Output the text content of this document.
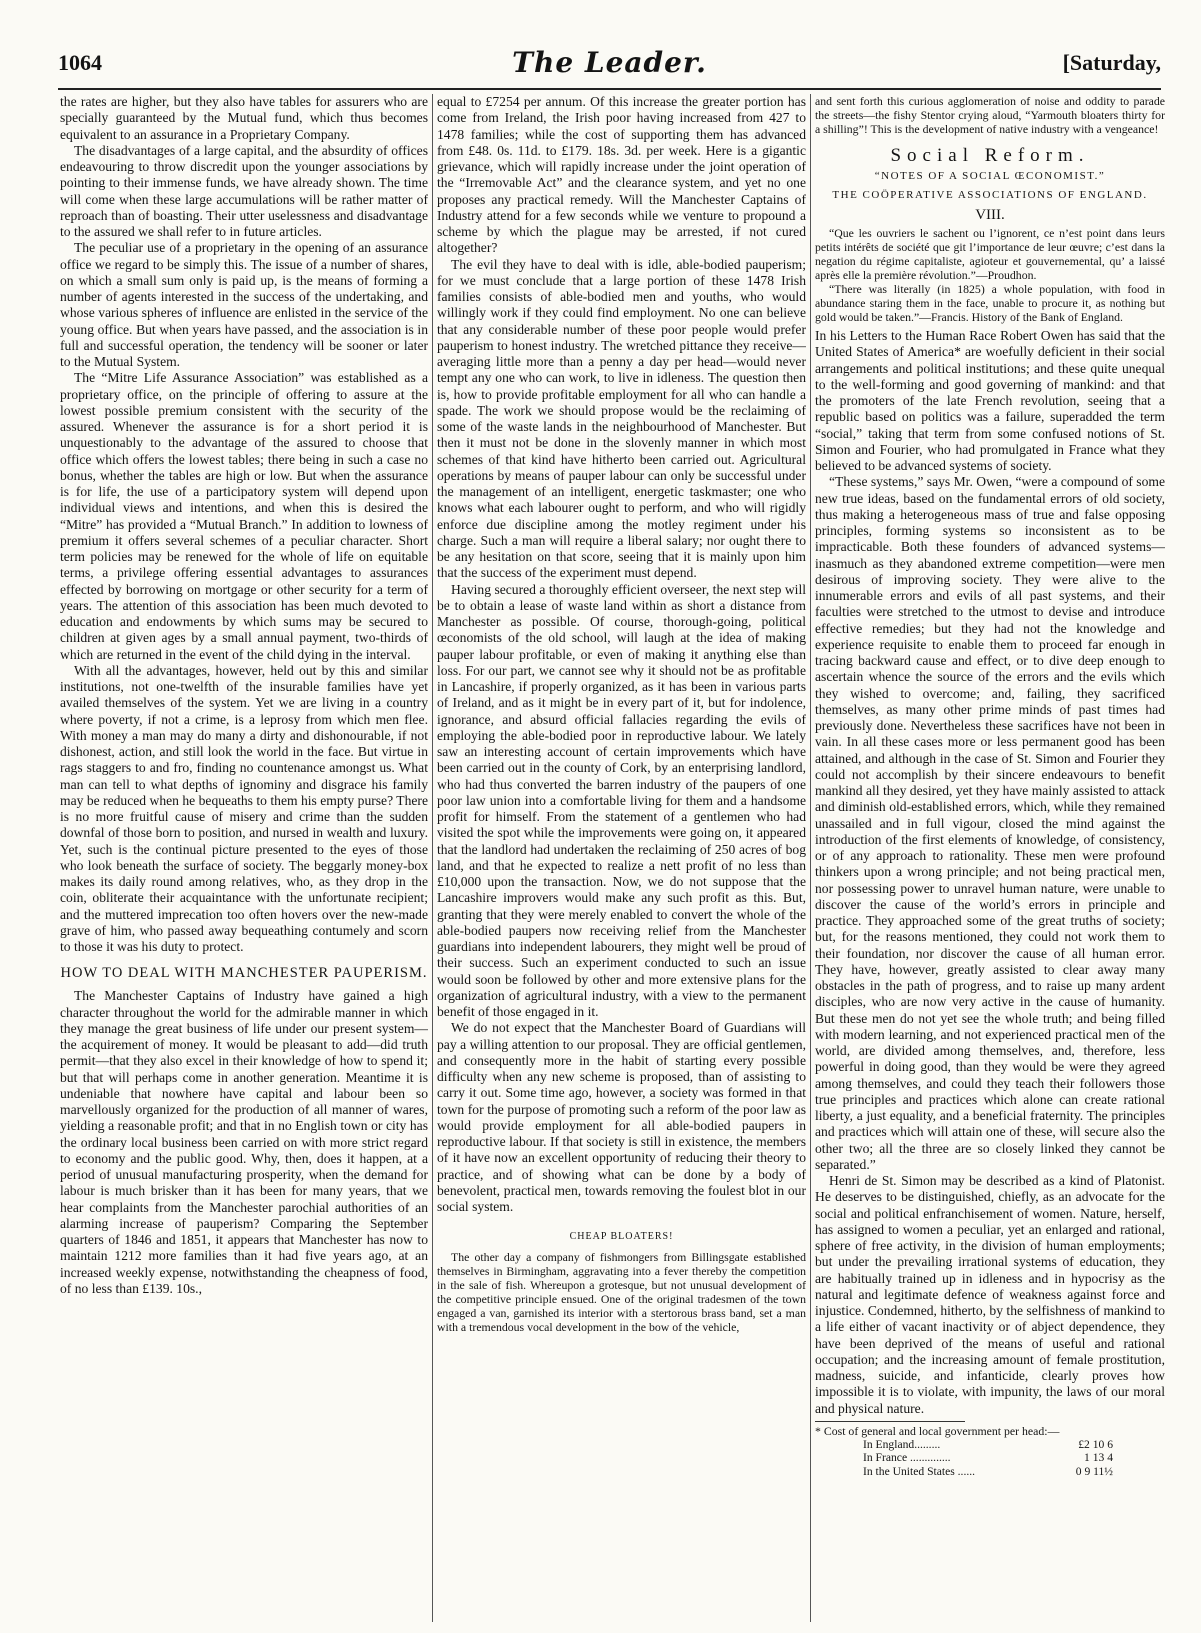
1064	The Leader.	[Saturday,

the rates are higher, but they also have tables for assurers who are specially guaranteed by the Mutual fund, which thus becomes equivalent to an assurance in a Proprietary Company.

The disadvantages of a large capital, and the absurdity of offices endeavouring to throw discredit upon the younger associations by pointing to their immense funds, we have already shown. The time will come when these large accumulations will be rather matter of reproach than of boasting. Their utter uselessness and disadvantage to the assured we shall refer to in future articles.

The peculiar use of a proprietary in the opening of an assurance office we regard to be simply this. The issue of a number of shares, on which a small sum only is paid up, is the means of forming a number of agents interested in the success of the undertaking, and whose various spheres of influence are enlisted in the service of the young office. But when years have passed, and the association is in full and successful operation, the tendency will be sooner or later to the Mutual System.

The “Mitre Life Assurance Association” was established as a proprietary office, on the principle of offering to assure at the lowest possible premium consistent with the security of the assured. Whenever the assurance is for a short period it is unquestionably to the advantage of the assured to choose that office which offers the lowest tables; there being in such a case no bonus, whether the tables are high or low. But when the assurance is for life, the use of a participatory system will depend upon individual views and intentions, and when this is desired the “Mitre” has provided a “Mutual Branch.” In addition to lowness of premium it offers several schemes of a peculiar character. Short term policies may be renewed for the whole of life on equitable terms, a privilege offering essential advantages to assurances effected by borrowing on mortgage or other security for a term of years. The attention of this association has been much devoted to education and endowments by which sums may be secured to children at given ages by a small annual payment, two-thirds of which are returned in the event of the child dying in the interval.

With all the advantages, however, held out by this and similar institutions, not one-twelfth of the insurable families have yet availed themselves of the system. Yet we are living in a country where poverty, if not a crime, is a leprosy from which men flee. With money a man may do many a dirty and dishonourable, if not dishonest, action, and still look the world in the face. But virtue in rags staggers to and fro, finding no countenance amongst us. What man can tell to what depths of ignominy and disgrace his family may be reduced when he bequeaths to them his empty purse? There is no more fruitful cause of misery and crime than the sudden downfal of those born to position, and nursed in wealth and luxury. Yet, such is the continual picture presented to the eyes of those who look beneath the surface of society. The beggarly money-box makes its daily round among relatives, who, as they drop in the coin, obliterate their acquaintance with the unfortunate recipient; and the muttered imprecation too often hovers over the new-made grave of him, who passed away bequeathing contumely and scorn to those it was his duty to protect.

HOW TO DEAL WITH MANCHESTER PAUPERISM.

The Manchester Captains of Industry have gained a high character throughout the world for the admirable manner in which they manage the great business of life under our present system—the acquirement of money. It would be pleasant to add—did truth permit—that they also excel in their knowledge of how to spend it; but that will perhaps come in another generation. Meantime it is undeniable that nowhere have capital and labour been so marvellously organized for the production of all manner of wares, yielding a reasonable profit; and that in no English town or city has the ordinary local business been carried on with more strict regard to economy and the public good. Why, then, does it happen, at a period of unusual manufacturing prosperity, when the demand for labour is much brisker than it has been for many years, that we hear complaints from the Manchester parochial authorities of an alarming increase of pauperism? Comparing the September quarters of 1846 and 1851, it appears that Manchester has now to maintain 1212 more families than it had five years ago, at an increased weekly expense, notwithstanding the cheapness of food, of no less than £139. 10s.,

equal to £7254 per annum. Of this increase the greater portion has come from Ireland, the Irish poor having increased from 427 to 1478 families; while the cost of supporting them has advanced from £48. 0s. 11d. to £179. 18s. 3d. per week. Here is a gigantic grievance, which will rapidly increase under the joint operation of the “Irremovable Act” and the clearance system, and yet no one proposes any practical remedy. Will the Manchester Captains of Industry attend for a few seconds while we venture to propound a scheme by which the plague may be arrested, if not cured altogether?

The evil they have to deal with is idle, able-bodied pauperism; for we must conclude that a large portion of these 1478 Irish families consists of able-bodied men and youths, who would willingly work if they could find employment. No one can believe that any considerable number of these poor people would prefer pauperism to honest industry. The wretched pittance they receive—averaging little more than a penny a day per head—would never tempt any one who can work, to live in idleness. The question then is, how to provide profitable employment for all who can handle a spade. The work we should propose would be the reclaiming of some of the waste lands in the neighbourhood of Manchester. But then it must not be done in the slovenly manner in which most schemes of that kind have hitherto been carried out. Agricultural operations by means of pauper labour can only be successful under the management of an intelligent, energetic taskmaster; one who knows what each labourer ought to perform, and who will rigidly enforce due discipline among the motley regiment under his charge. Such a man will require a liberal salary; nor ought there to be any hesitation on that score, seeing that it is mainly upon him that the success of the experiment must depend.

Having secured a thoroughly efficient overseer, the next step will be to obtain a lease of waste land within as short a distance from Manchester as possible. Of course, thorough-going, political œconomists of the old school, will laugh at the idea of making pauper labour profitable, or even of making it anything else than loss. For our part, we cannot see why it should not be as profitable in Lancashire, if properly organized, as it has been in various parts of Ireland, and as it might be in every part of it, but for indolence, ignorance, and absurd official fallacies regarding the evils of employing the able-bodied poor in reproductive labour. We lately saw an interesting account of certain improvements which have been carried out in the county of Cork, by an enterprising landlord, who had thus converted the barren industry of the paupers of one poor law union into a comfortable living for them and a handsome profit for himself. From the statement of a gentlemen who had visited the spot while the improvements were going on, it appeared that the landlord had undertaken the reclaiming of 250 acres of bog land, and that he expected to realize a nett profit of no less than £10,000 upon the transaction. Now, we do not suppose that the Lancashire improvers would make any such profit as this. But, granting that they were merely enabled to convert the whole of the able-bodied paupers now receiving relief from the Manchester guardians into independent labourers, they might well be proud of their success. Such an experiment conducted to such an issue would soon be followed by other and more extensive plans for the organization of agricultural industry, with a view to the permanent benefit of those engaged in it.

We do not expect that the Manchester Board of Guardians will pay a willing attention to our proposal. They are official gentlemen, and consequently more in the habit of starting every possible difficulty when any new scheme is proposed, than of assisting to carry it out. Some time ago, however, a society was formed in that town for the purpose of promoting such a reform of the poor law as would provide employment for all able-bodied paupers in reproductive labour. If that society is still in existence, the members of it have now an excellent opportunity of reducing their theory to practice, and of showing what can be done by a body of benevolent, practical men, towards removing the foulest blot in our social system.

CHEAP BLOATERS!

The other day a company of fishmongers from Billingsgate established themselves in Birmingham, aggravating into a fever thereby the competition in the sale of fish. Whereupon a grotesque, but not unusual development of the competitive principle ensued. One of the original tradesmen of the town engaged a van, garnished its interior with a stertorous brass band, set a man with a tremendous vocal development in the bow of the vehicle,

and sent forth this curious agglomeration of noise and oddity to parade the streets—the fishy Stentor crying aloud, “Yarmouth bloaters thirty for a shilling”! This is the development of native industry with a vengeance!

Social Reform.
“NOTES OF A SOCIAL ŒCONOMIST.”
THE COÖPERATIVE ASSOCIATIONS OF ENGLAND.
VIII.

“Que les ouvriers le sachent ou l’ignorent, ce n’est point dans leurs petits intérêts de société que git l’importance de leur œuvre; c’est dans la negation du régime capitaliste, agioteur et gouvernemental, qu’ a laissé après elle la première révolution.”—Proudhon.

“There was literally (in 1825) a whole population, with food in abundance staring them in the face, unable to procure it, as nothing but gold would be taken.”—Francis. History of the Bank of England.

In his Letters to the Human Race Robert Owen has said that the United States of America* are woefully deficient in their social arrangements and political institutions; and these quite unequal to the well-forming and good governing of mankind: and that the promoters of the late French revolution, seeing that a republic based on politics was a failure, superadded the term “social,” taking that term from some confused notions of St. Simon and Fourier, who had promulgated in France what they believed to be advanced systems of society.

“These systems,” says Mr. Owen, “were a compound of some new true ideas, based on the fundamental errors of old society, thus making a heterogeneous mass of true and false opposing principles, forming systems so inconsistent as to be impracticable. Both these founders of advanced systems—inasmuch as they abandoned extreme competition—were men desirous of improving society. They were alive to the innumerable errors and evils of all past systems, and their faculties were stretched to the utmost to devise and introduce effective remedies; but they had not the knowledge and experience requisite to enable them to proceed far enough in tracing backward cause and effect, or to dive deep enough to ascertain whence the source of the errors and the evils which they wished to overcome; and, failing, they sacrificed themselves, as many other prime minds of past times had previously done. Nevertheless these sacrifices have not been in vain. In all these cases more or less permanent good has been attained, and although in the case of St. Simon and Fourier they could not accomplish by their sincere endeavours to benefit mankind all they desired, yet they have mainly assisted to attack and diminish old-established errors, which, while they remained unassailed and in full vigour, closed the mind against the introduction of the first elements of knowledge, of consistency, or of any approach to rationality. These men were profound thinkers upon a wrong principle; and not being practical men, nor possessing power to unravel human nature, were unable to discover the cause of the world’s errors in principle and practice. They approached some of the great truths of society; but, for the reasons mentioned, they could not work them to their foundation, nor discover the cause of all human error. They have, however, greatly assisted to clear away many obstacles in the path of progress, and to raise up many ardent disciples, who are now very active in the cause of humanity. But these men do not yet see the whole truth; and being filled with modern learning, and not experienced practical men of the world, are divided among themselves, and, therefore, less powerful in doing good, than they would be were they agreed among themselves, and could they teach their followers those true principles and practices which alone can create rational liberty, a just equality, and a beneficial fraternity. The principles and practices which will attain one of these, will secure also the other two; all the three are so closely linked they cannot be separated.”

Henri de St. Simon may be described as a kind of Platonist. He deserves to be distinguished, chiefly, as an advocate for the social and political enfranchisement of women. Nature, herself, has assigned to women a peculiar, yet an enlarged and rational, sphere of free activity, in the division of human employments; but under the prevailing irrational systems of education, they are habitually trained up in idleness and in hypocrisy as the natural and legitimate defence of weakness against force and injustice. Condemned, hitherto, by the selfishness of mankind to a life either of vacant inactivity or of abject dependence, they have been deprived of the means of useful and rational occupation; and the increasing amount of female prostitution, madness, suicide, and infanticide, clearly proves how impossible it is to violate, with impunity, the laws of our moral and physical nature.

* Cost of general and local government per head:—
In England.........	£2 10 6
In France ..............	1 13 4
In the United States ......	0 9 11½
